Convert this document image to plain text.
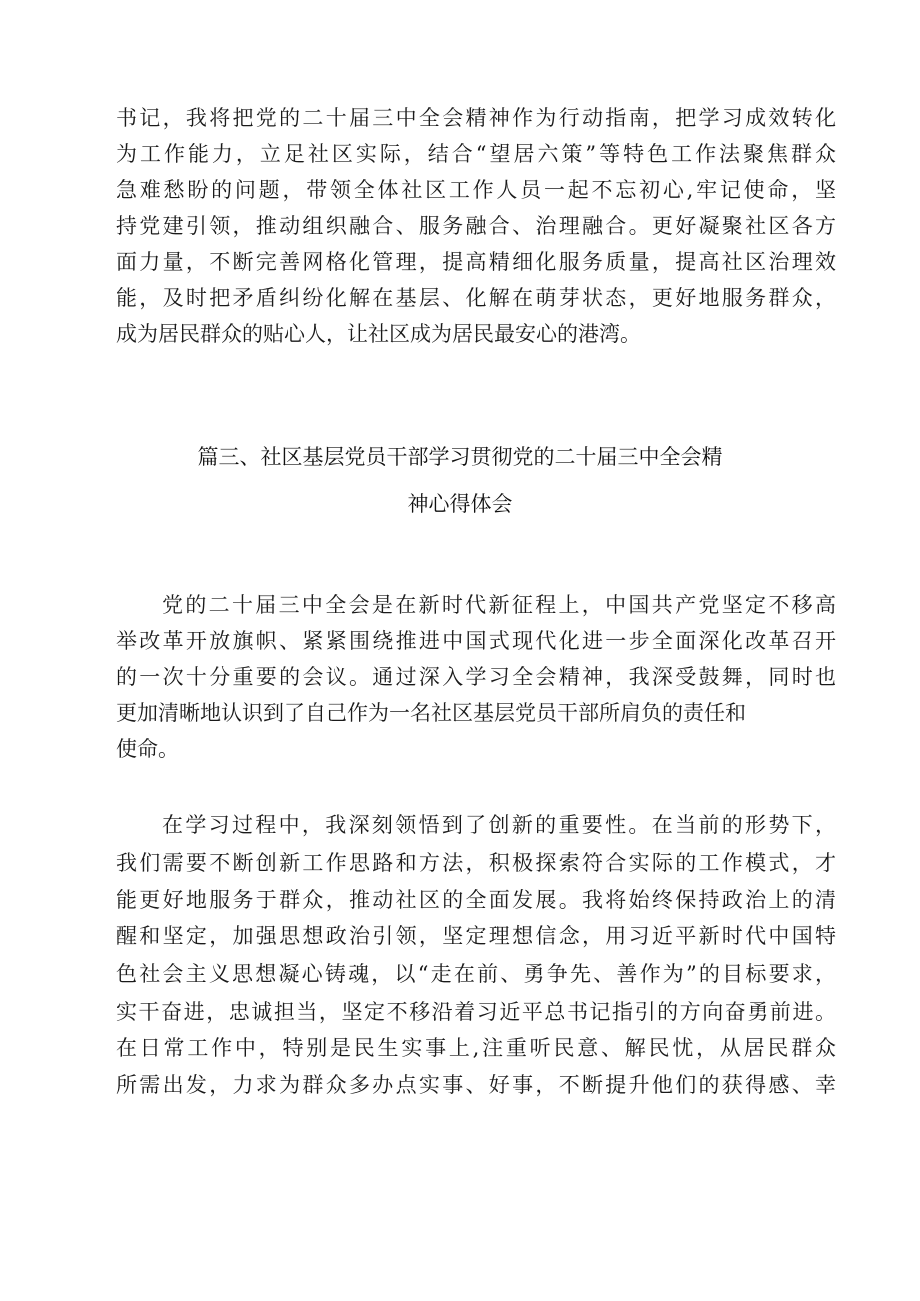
书记，我将把党的二十届三中全会精神作为行动指南，把学习成效转化
为工作能力，立足社区实际，结合“望居六策”等特色工作法聚焦群众
急难愁盼的问题，带领全体社区工作人员一起不忘初心,牢记使命，坚
持党建引领，推动组织融合、服务融合、治理融合。更好凝聚社区各方
面力量，不断完善网格化管理，提高精细化服务质量，提高社区治理效
能，及时把矛盾纠纷化解在基层、化解在萌芽状态，更好地服务群众，
成为居民群众的贴心人，让社区成为居民最安心的港湾。
篇三、社区基层党员干部学习贯彻党的二十届三中全会精
神心得体会
党的二十届三中全会是在新时代新征程上，中国共产党坚定不移高
举改革开放旗帜、紧紧围绕推进中国式现代化进一步全面深化改革召开
的一次十分重要的会议。通过深入学习全会精神，我深受鼓舞，同时也
更加清晰地认识到了自己作为一名社区基层党员干部所肩负的责任和
使命。
在学习过程中，我深刻领悟到了创新的重要性。在当前的形势下，
我们需要不断创新工作思路和方法，积极探索符合实际的工作模式，才
能更好地服务于群众，推动社区的全面发展。我将始终保持政治上的清
醒和坚定，加强思想政治引领，坚定理想信念，用习近平新时代中国特
色社会主义思想凝心铸魂，以“走在前、勇争先、善作为”的目标要求，
实干奋进，忠诚担当，坚定不移沿着习近平总书记指引的方向奋勇前进。
在日常工作中，特别是民生实事上,注重听民意、解民忧，从居民群众
所需出发，力求为群众多办点实事、好事，不断提升他们的获得感、幸
